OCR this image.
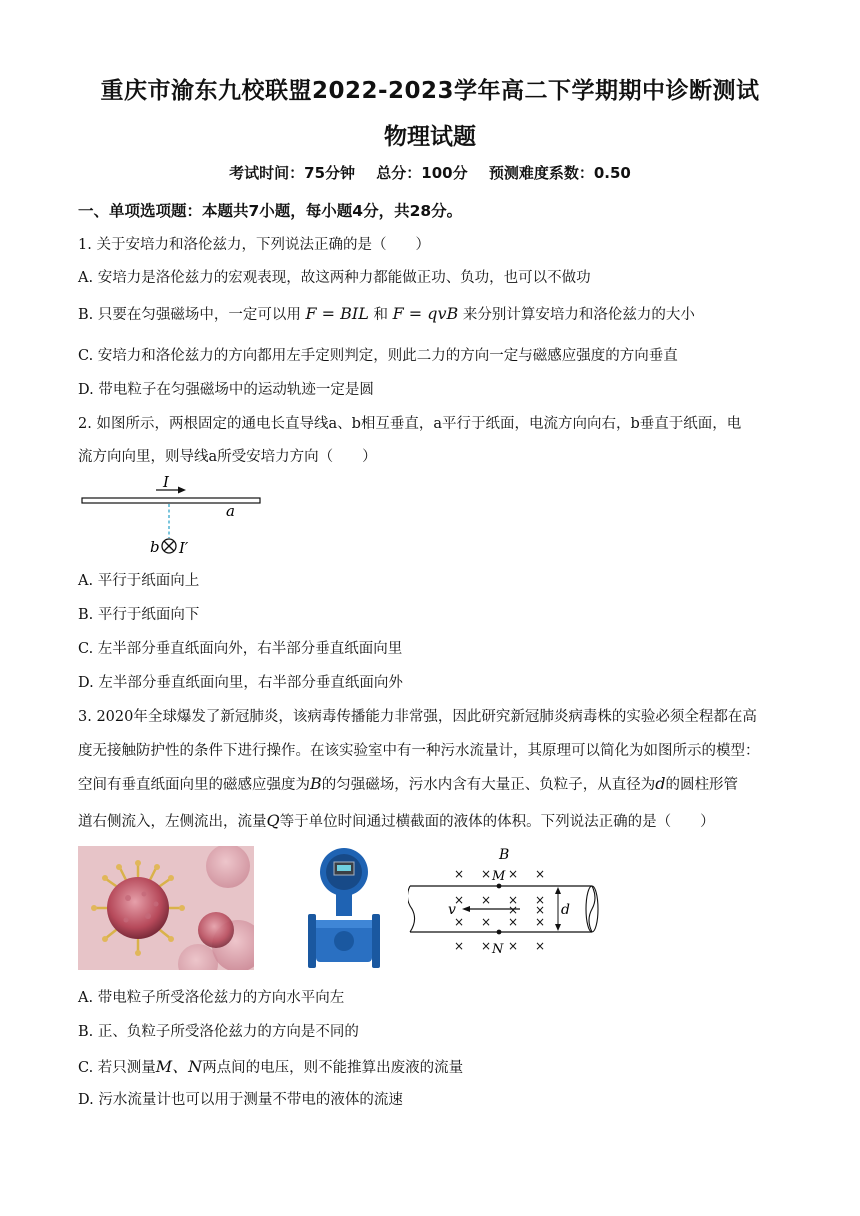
重庆市渝东九校联盟2022-2023学年高二下学期期中诊断测试
物理试题
考试时间：75分钟 总分：100分 预测难度系数：0.50
一、单项选项题：本题共7小题，每小题4分，共28分。
1. 关于安培力和洛伦兹力，下列说法正确的是（　　）
A. 安培力是洛伦兹力的宏观表现，故这两种力都能做正功、负功，也可以不做功
B. 只要在匀强磁场中，一定可以用 F = BIL 和 F = qvB 来分别计算安培力和洛伦兹力的大小
C. 安培力和洛伦兹力的方向都用左手定则判定，则此二力的方向一定与磁感应强度的方向垂直
D. 带电粒子在匀强磁场中的运动轨迹一定是圆
2. 如图所示，两根固定的通电长直导线a、b相互垂直，a平行于纸面，电流方向向右，b垂直于纸面，电
流方向向里，则导线a所受安培力方向（　　）
I
a
b I′
A. 平行于纸面向上
B. 平行于纸面向下
C. 左半部分垂直纸面向外，右半部分垂直纸面向里
D. 左半部分垂直纸面向里，右半部分垂直纸面向外
3. 2020年全球爆发了新冠肺炎，该病毒传播能力非常强，因此研究新冠肺炎病毒株的实验必须全程都在高
度无接触防护性的条件下进行操作。在该实验室中有一种污水流量计，其原理可以简化为如图所示的模型：
空间有垂直纸面向里的磁感应强度为B的匀强磁场，污水内含有大量正、负粒子，从直径为d的圆柱形管
道右侧流入，左侧流出，流量Q等于单位时间通过横截面的液体的体积。下列说法正确的是（　　）
B
× × × ×
× × × ×
× × × ×
× × × ×
× ×
M
N
v	d
A. 带电粒子所受洛伦兹力的方向水平向左
B. 正、负粒子所受洛伦兹力的方向是不同的
C. 若只测量M、N两点间的电压，则不能推算出废液的流量
D. 污水流量计也可以用于测量不带电的液体的流速
